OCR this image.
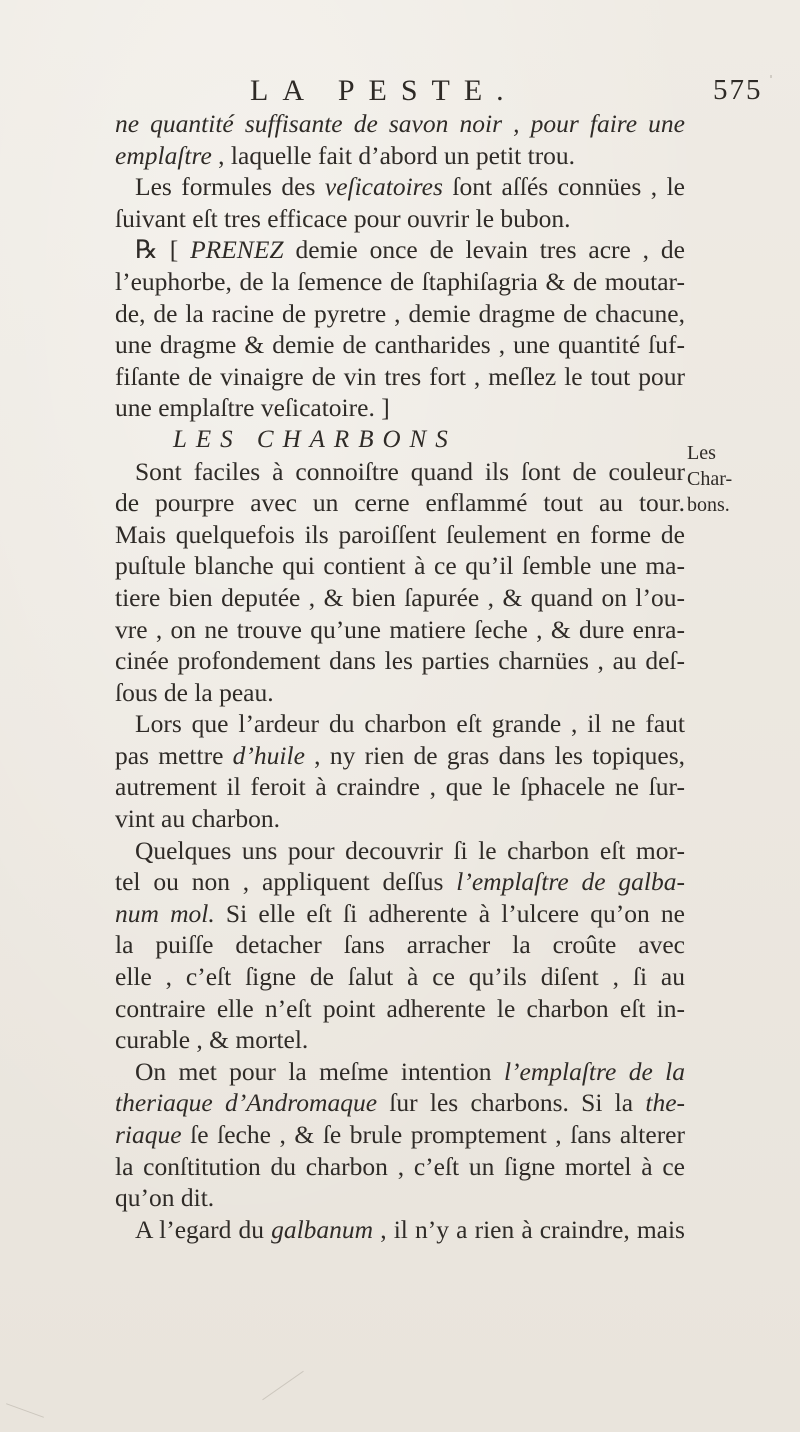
LA PESTE.	575
ne quantité suffisante de savon noir , pour faire une
emplaſtre , laquelle fait d’abord un petit trou.
Les formules des veſicatoires ſont aſſés connües , le
ſuivant eſt tres efficace pour ouvrir le bubon.
℞ [ PRENEZ demie once de levain tres acre , de
l’euphorbe, de la ſemence de ſtaphiſagria & de moutar-
de, de la racine de pyretre , demie dragme de chacune,
une dragme & demie de cantharides , une quantité ſuf-
fiſante de vinaigre de vin tres fort , meſlez le tout pour
une emplaſtre veſicatoire. ]
LES CHARBONS
Sont faciles à connoiſtre quand ils ſont de couleur
de pourpre avec un cerne enflammé tout au tour.
Mais quelquefois ils paroiſſent ſeulement en forme de
puſtule blanche qui contient à ce qu’il ſemble une ma-
tiere bien deputée , & bien ſapurée , & quand on l’ou-
vre , on ne trouve qu’une matiere ſeche , & dure enra-
cinée profondement dans les parties charnües , au deſ-
ſous de la peau.
Lors que l’ardeur du charbon eſt grande , il ne faut
pas mettre d’huile , ny rien de gras dans les topiques,
autrement il feroit à craindre , que le ſphacele ne ſur-
vint au charbon.
Quelques uns pour decouvrir ſi le charbon eſt mor-
tel ou non , appliquent deſſus l’emplaſtre de galba-
num mol. Si elle eſt ſi adherente à l’ulcere qu’on ne
la puiſſe detacher ſans arracher la croûte avec
elle , c’eſt ſigne de ſalut à ce qu’ils diſent , ſi au
contraire elle n’eſt point adherente le charbon eſt in-
curable , & mortel.
On met pour la meſme intention l’emplaſtre de la
theriaque d’Andromaque ſur les charbons. Si la the-
riaque ſe ſeche , & ſe brule promptement , ſans alterer
la conſtitution du charbon , c’eſt un ſigne mortel à ce
qu’on dit.
A l’egard du galbanum , il n’y a rien à craindre, mais
Les
Char-
bons.
